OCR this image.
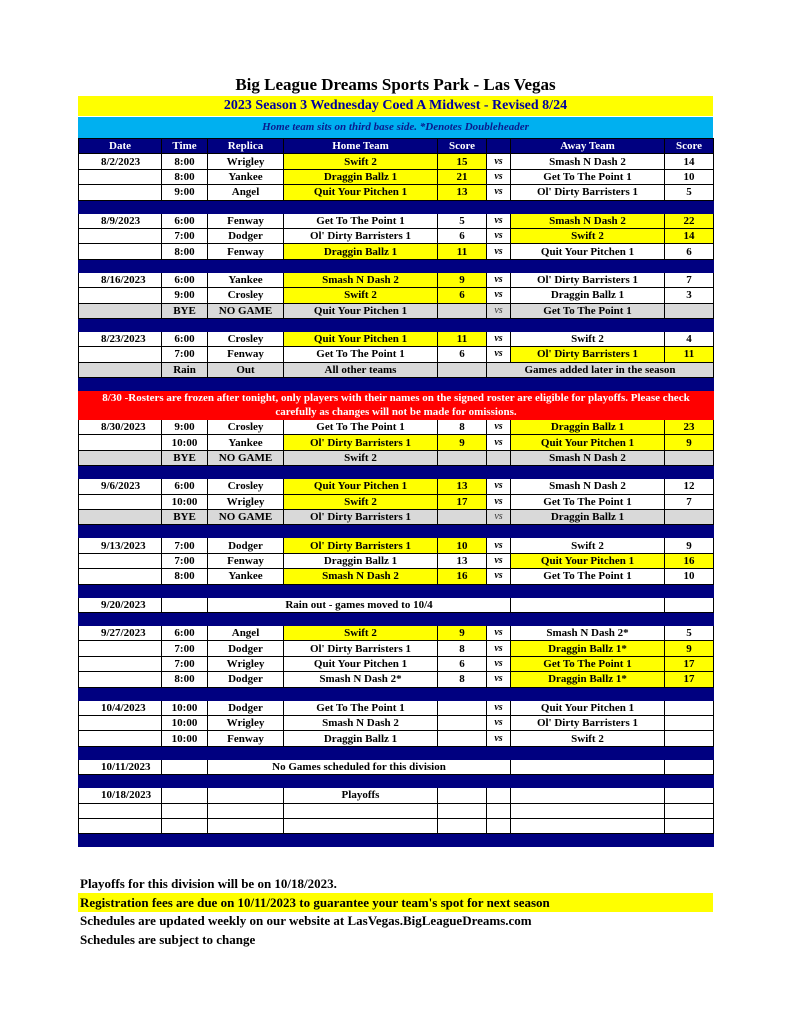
Big League Dreams Sports Park - Las Vegas
2023 Season 3 Wednesday Coed A Midwest - Revised 8/24
Home team sits on third base side. *Denotes Doubleheader
Date	Time	Replica	Home Team	Score		Away Team	Score
8/2/2023	8:00	Wrigley	Swift 2	15	vs	Smash N Dash 2	14
	8:00	Yankee	Draggin Ballz 1	21	vs	Get To The Point 1	10
	9:00	Angel	Quit Your Pitchen 1	13	vs	Ol' Dirty Barristers 1	5

8/9/2023	6:00	Fenway	Get To The Point 1	5	vs	Smash N Dash 2	22
	7:00	Dodger	Ol' Dirty Barristers 1	6	vs	Swift 2	14
	8:00	Fenway	Draggin Ballz 1	11	vs	Quit Your Pitchen 1	6

8/16/2023	6:00	Yankee	Smash N Dash 2	9	vs	Ol' Dirty Barristers 1	7
	9:00	Crosley	Swift 2	6	vs	Draggin Ballz 1	3
	BYE	NO GAME	Quit Your Pitchen 1		vs	Get To The Point 1	

8/23/2023	6:00	Crosley	Quit Your Pitchen 1	11	vs	Swift 2	4
	7:00	Fenway	Get To The Point 1	6	vs	Ol' Dirty Barristers 1	11
	Rain	Out	All other teams		Games added later in the season		

8/30 -Rosters are frozen after tonight, only players with their names on the signed roster are eligible for playoffs. Please check carefully as changes will not be made for omissions.							
8/30/2023	9:00	Crosley	Get To The Point 1	8	vs	Draggin Ballz 1	23
	10:00	Yankee	Ol' Dirty Barristers 1	9	vs	Quit Your Pitchen 1	9
	BYE	NO GAME	Swift 2			Smash N Dash 2	

9/6/2023	6:00	Crosley	Quit Your Pitchen 1	13	vs	Smash N Dash 2	12
	10:00	Wrigley	Swift 2	17	vs	Get To The Point 1	7
	BYE	NO GAME	Ol' Dirty Barristers 1		vs	Draggin Ballz 1	

9/13/2023	7:00	Dodger	Ol' Dirty Barristers 1	10	vs	Swift 2	9
	7:00	Fenway	Draggin Ballz 1	13	vs	Quit Your Pitchen 1	16
	8:00	Yankee	Smash N Dash 2	16	vs	Get To The Point 1	10

9/20/2023		Rain out - games moved to 10/4					

9/27/2023	6:00	Angel	Swift 2	9	vs	Smash N Dash 2*	5
	7:00	Dodger	Ol' Dirty Barristers 1	8	vs	Draggin Ballz 1*	9
	7:00	Wrigley	Quit Your Pitchen 1	6	vs	Get To The Point 1	17
	8:00	Dodger	Smash N Dash 2*	8	vs	Draggin Ballz 1*	17

10/4/2023	10:00	Dodger	Get To The Point 1		vs	Quit Your Pitchen 1	
	10:00	Wrigley	Smash N Dash 2		vs	Ol' Dirty Barristers 1	
	10:00	Fenway	Draggin Ballz 1		vs	Swift 2	

10/11/2023		No Games scheduled for this division					

10/18/2023			Playoffs				

Playoffs for this division will be on 10/18/2023.
Registration fees are due on 10/11/2023 to guarantee your team's spot for next season
Schedules are updated weekly on our website at LasVegas.BigLeagueDreams.com
Schedules are subject to change
